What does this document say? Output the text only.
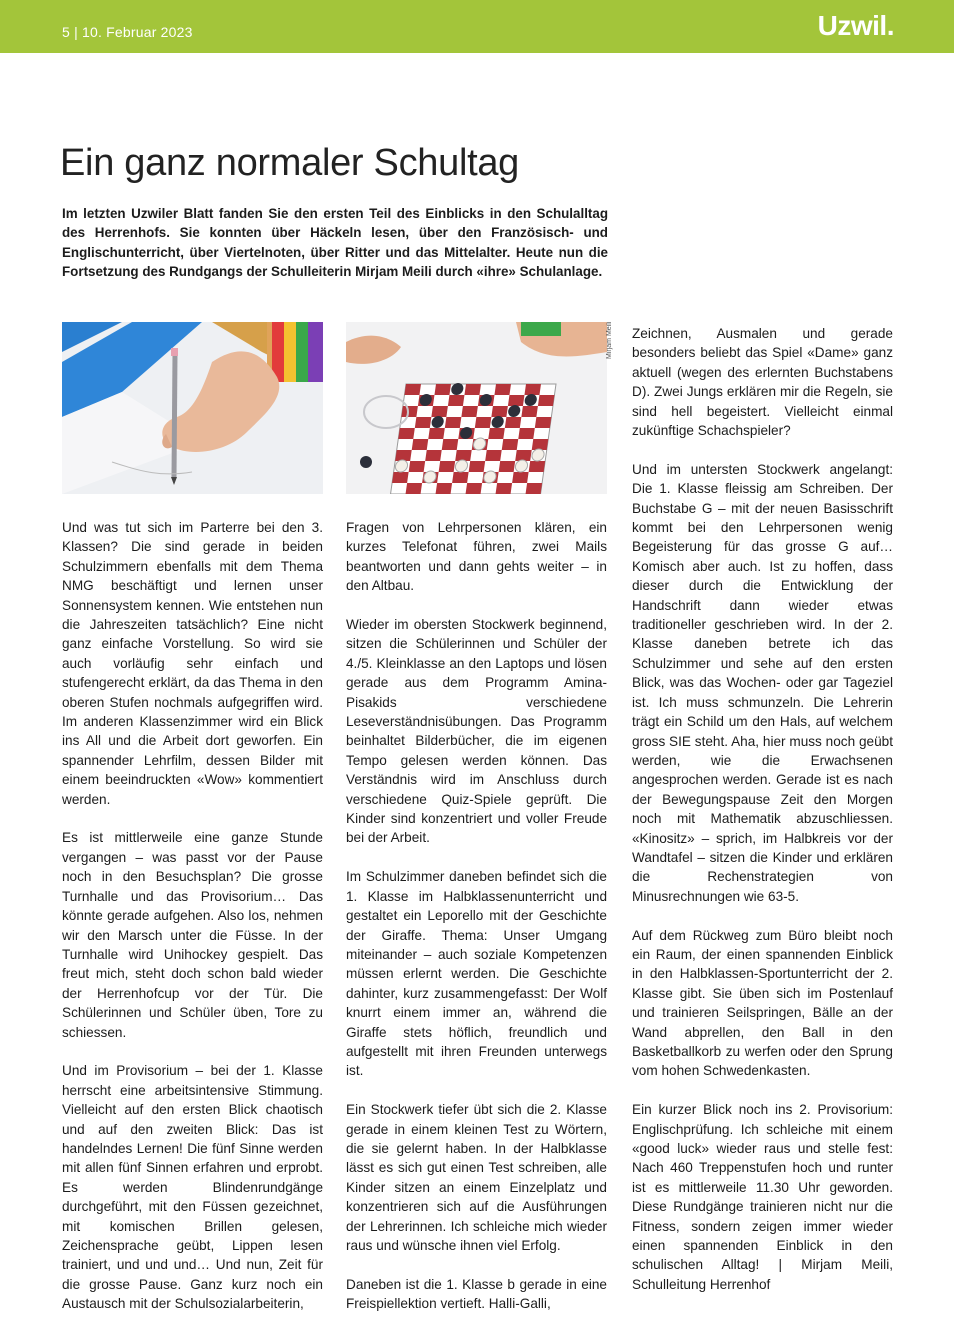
5 | 10. Februar 2023	Uzwil.
Ein ganz normaler Schultag

Im letzten Uzwiler Blatt fanden Sie den ersten Teil des Einblicks in den Schulalltag des Herrenhofs. Sie konnten über Häckeln lesen, über den Französisch- und Englischunterricht, über Viertelnoten, über Ritter und das Mittelalter. Heute nun die Fortsetzung des Rundgangs der Schulleiterin Mirjam Meili durch «ihre» Schulanlage.

Mirjam Meili

Und was tut sich im Parterre bei den 3. Klassen? Die sind gerade in beiden Schulzimmern ebenfalls mit dem Thema NMG beschäftigt und lernen unser Sonnensystem kennen. Wie entstehen nun die Jahreszeiten tatsächlich? Eine nicht ganz einfache Vorstellung. So wird sie auch vorläufig sehr einfach und stufengerecht erklärt, da das Thema in den oberen Stufen nochmals aufgegriffen wird. Im anderen Klassenzimmer wird ein Blick ins All und die Arbeit dort geworfen. Ein spannender Lehrfilm, dessen Bilder mit einem beeindruckten «Wow» kommentiert werden.

Es ist mittlerweile eine ganze Stunde vergangen – was passt vor der Pause noch in den Besuchsplan? Die grosse Turnhalle und das Provisorium… Das könnte gerade aufgehen. Also los, nehmen wir den Marsch unter die Füsse. In der Turnhalle wird Unihockey gespielt. Das freut mich, steht doch schon bald wieder der Herrenhofcup vor der Tür. Die Schülerinnen und Schüler üben, Tore zu schiessen.

Und im Provisorium – bei der 1. Klasse herrscht eine arbeitsintensive Stimmung. Vielleicht auf den ersten Blick chaotisch und auf den zweiten Blick: Das ist handelndes Lernen! Die fünf Sinne werden mit allen fünf Sinnen erfahren und erprobt. Es werden Blindenrundgänge durchgeführt, mit den Füssen gezeichnet, mit komischen Brillen gelesen, Zeichensprache geübt, Lippen lesen trainiert, und und und… Und nun, Zeit für die grosse Pause. Ganz kurz noch ein Austausch mit der Schulsozialarbeiterin,

Fragen von Lehrpersonen klären, ein kurzes Telefonat führen, zwei Mails beantworten und dann gehts weiter – in den Altbau.

Wieder im obersten Stockwerk beginnend, sitzen die Schülerinnen und Schüler der 4./5. Kleinklasse an den Laptops und lösen gerade aus dem Programm Amina-Pisakids verschiedene Leseverständnisübungen. Das Programm beinhaltet Bilderbücher, die im eigenen Tempo gelesen werden können. Das Verständnis wird im Anschluss durch verschiedene Quiz-Spiele geprüft. Die Kinder sind konzentriert und voller Freude bei der Arbeit.

Im Schulzimmer daneben befindet sich die 1. Klasse im Halbklassenunterricht und gestaltet ein Leporello mit der Geschichte der Giraffe. Thema: Unser Umgang miteinander – auch soziale Kompetenzen müssen erlernt werden. Die Geschichte dahinter, kurz zusammengefasst: Der Wolf knurrt einem immer an, während die Giraffe stets höflich, freundlich und aufgestellt mit ihren Freunden unterwegs ist.

Ein Stockwerk tiefer übt sich die 2. Klasse gerade in einem kleinen Test zu Wörtern, die sie gelernt haben. In der Halbklasse lässt es sich gut einen Test schreiben, alle Kinder sitzen an einem Einzelplatz und konzentrieren sich auf die Ausführungen der Lehrerinnen. Ich schleiche mich wieder raus und wünsche ihnen viel Erfolg.

Daneben ist die 1. Klasse b gerade in eine Freispiellektion vertieft. Halli-Galli,

Zeichnen, Ausmalen und gerade besonders beliebt das Spiel «Dame» ganz aktuell (wegen des erlernten Buchstabens D). Zwei Jungs erklären mir die Regeln, sie sind hell begeistert. Vielleicht einmal zukünftige Schachspieler?

Und im untersten Stockwerk angelangt: Die 1. Klasse fleissig am Schreiben. Der Buchstabe G – mit der neuen Basisschrift kommt bei den Lehrpersonen wenig Begeisterung für das grosse G auf… Komisch aber auch. Ist zu hoffen, dass dieser durch die Entwicklung der Handschrift dann wieder etwas traditioneller geschrieben wird. In der 2. Klasse daneben betrete ich das Schulzimmer und sehe auf den ersten Blick, was das Wochen- oder gar Tageziel ist. Ich muss schmunzeln. Die Lehrerin trägt ein Schild um den Hals, auf welchem gross SIE steht. Aha, hier muss noch geübt werden, wie die Erwachsenen angesprochen werden. Gerade ist es nach der Bewegungspause Zeit den Morgen noch mit Mathematik abzuschliessen. «Kinositz» – sprich, im Halbkreis vor der Wandtafel – sitzen die Kinder und erklären die Rechenstrategien von Minusrechnungen wie 63-5.

Auf dem Rückweg zum Büro bleibt noch ein Raum, der einen spannenden Einblick in den Halbklassen-Sportunterricht der 2. Klasse gibt. Sie üben sich im Postenlauf und trainieren Seilspringen, Bälle an der Wand abprellen, den Ball in den Basketballkorb zu werfen oder den Sprung vom hohen Schwedenkasten.

Ein kurzer Blick noch ins 2. Provisorium: Englischprüfung. Ich schleiche mit einem «good luck» wieder raus und stelle fest: Nach 460 Treppenstufen hoch und runter ist es mittlerweile 11.30 Uhr geworden. Diese Rundgänge trainieren nicht nur die Fitness, sondern zeigen immer wieder einen spannenden Einblick in den schulischen Alltag! | Mirjam Meili, Schulleitung Herrenhof
